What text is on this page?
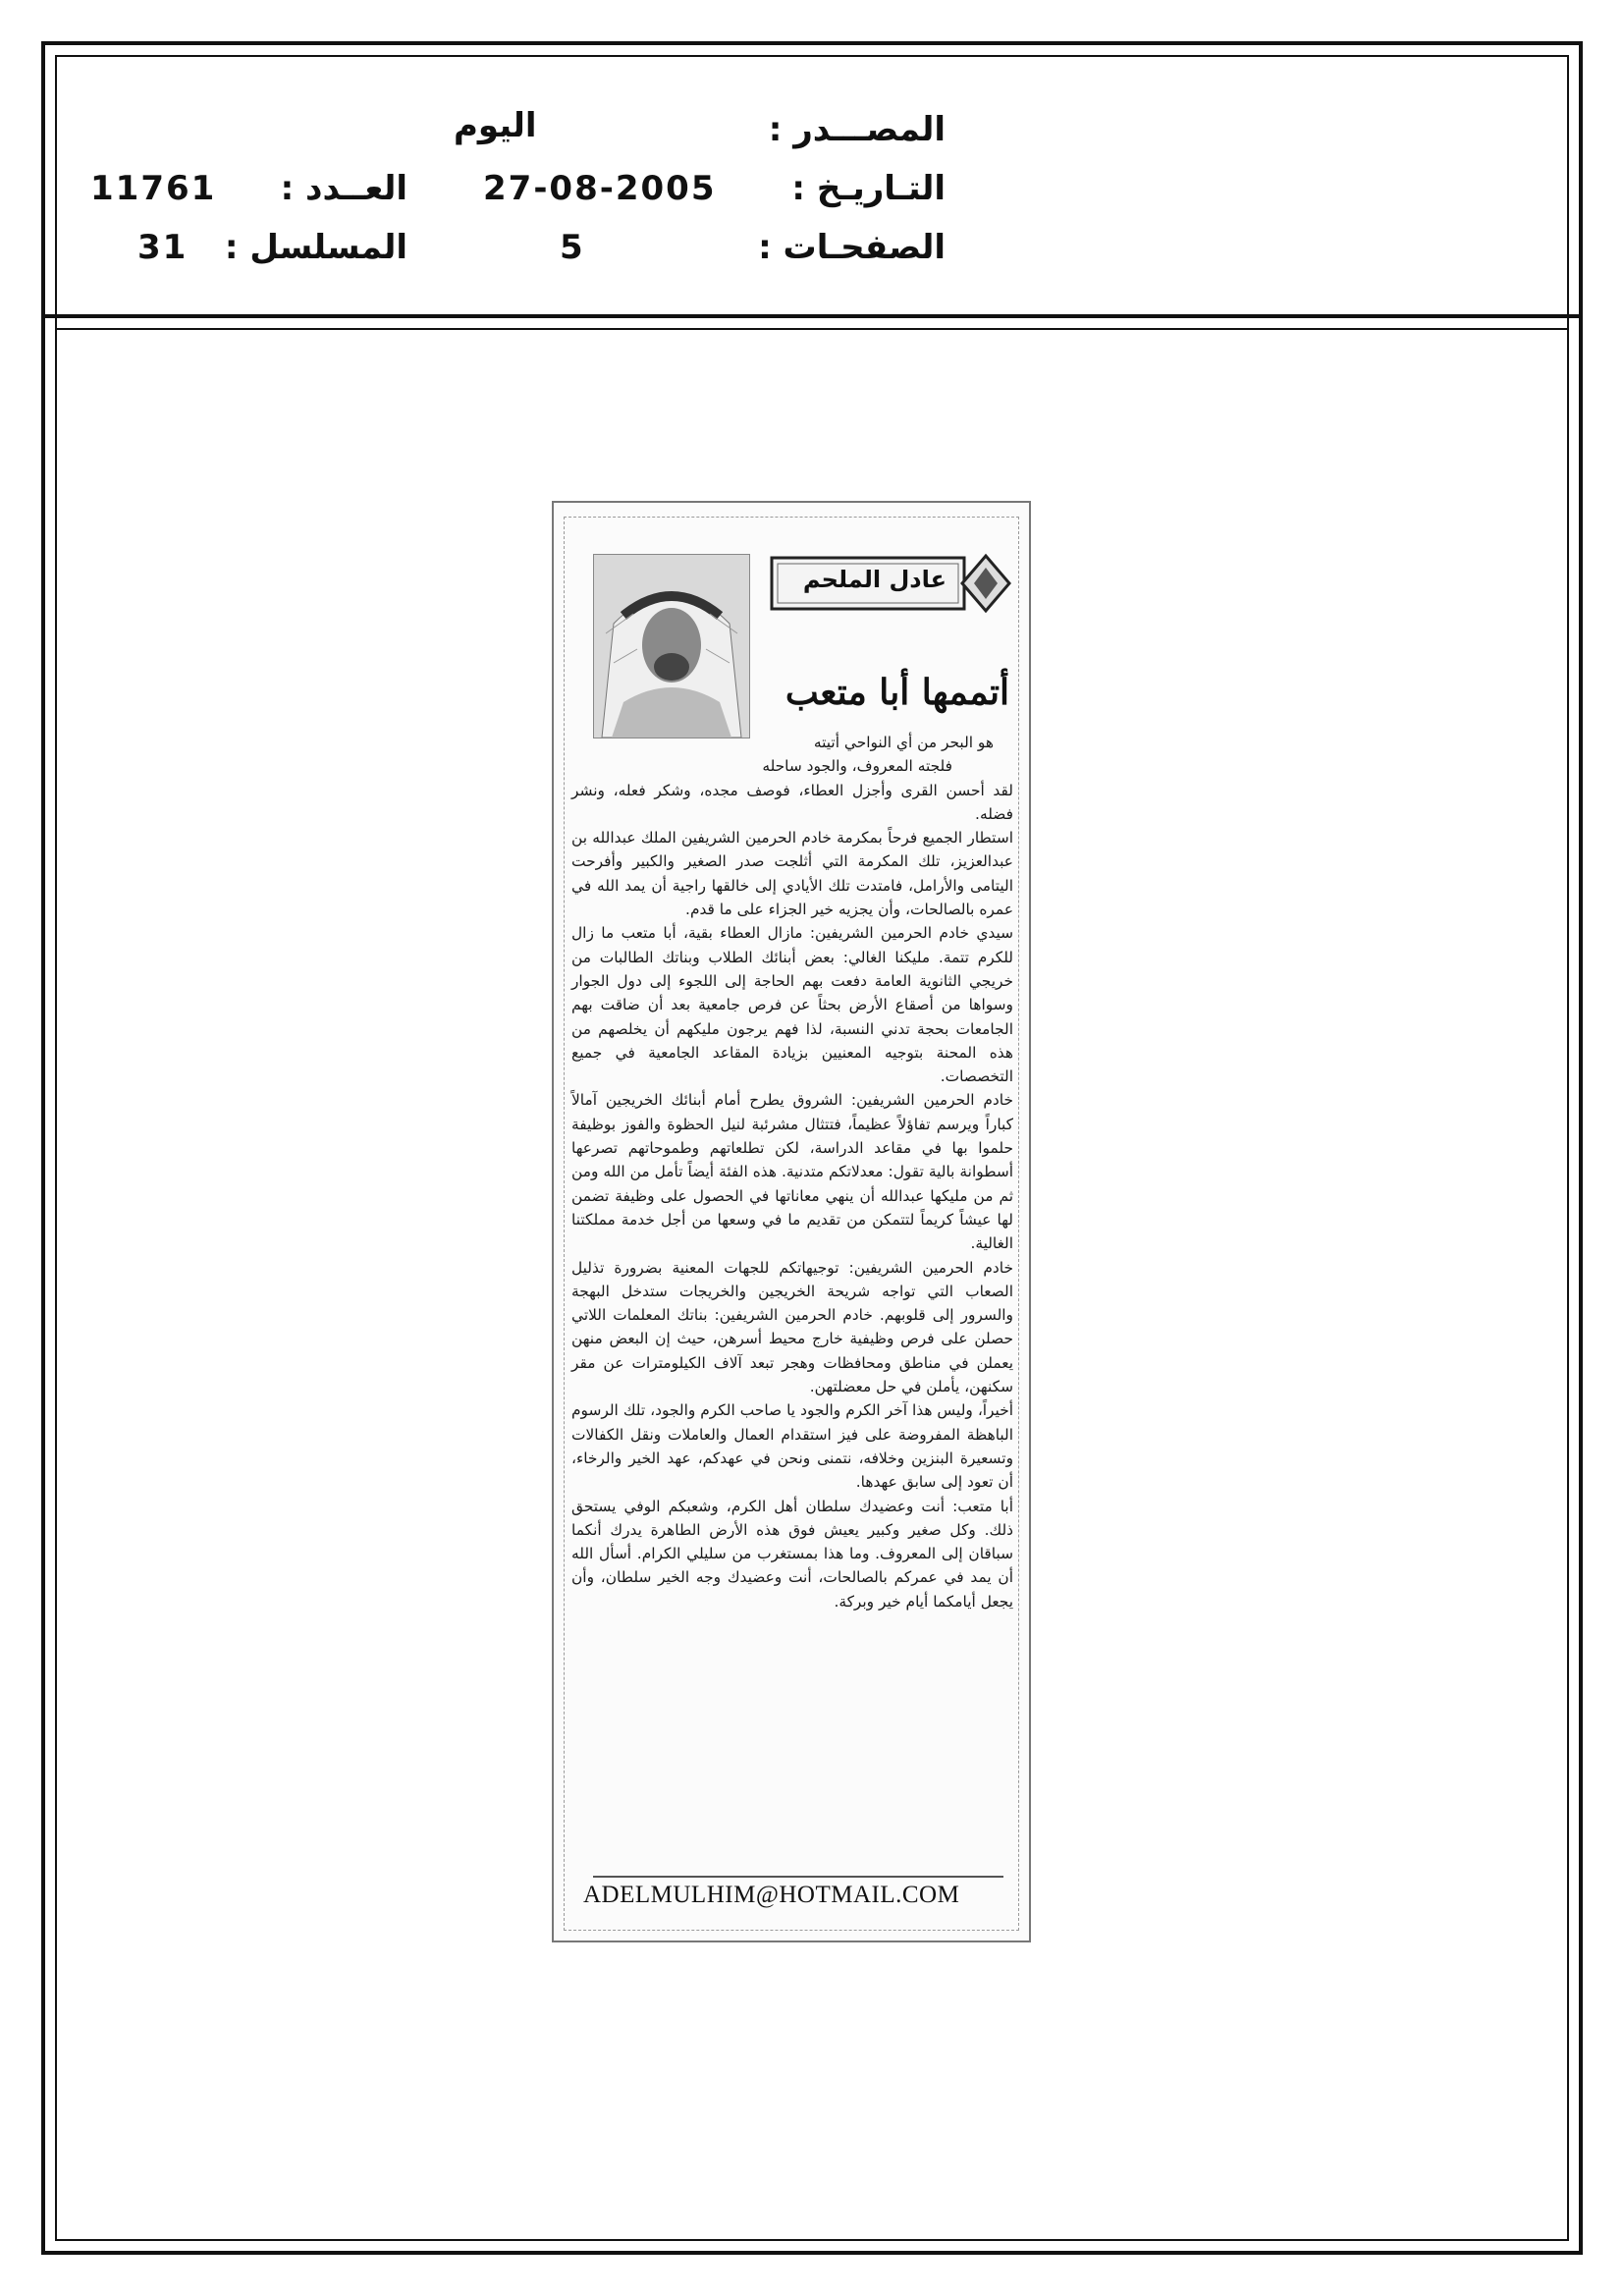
المصـــدر :
التـاريـخ :
الصفحـات :
اليوم
27-08-2005
5
العــدد :
المسلسل :
11761
31
عادل الملحم
أتممها أبا متعب

هو البحر من أي النواحي أتيته

فلجته المعروف، والجود ساحله

لقد أحسن القرى وأجزل العطاء، فوصف مجده، وشكر فعله، ونشر فضله.

استطار الجميع فرحاً بمكرمة خادم الحرمين الشريفين الملك عبدالله بن عبدالعزيز، تلك المكرمة التي أثلجت صدر الصغير والكبير وأفرحت اليتامى والأرامل، فامتدت تلك الأيادي إلى خالقها راجية أن يمد الله في عمره بالصالحات، وأن يجزيه خير الجزاء على ما قدم.

سيدي خادم الحرمين الشريفين: مازال العطاء بقية، أبا متعب ما زال للكرم تتمة. مليكنا الغالي: بعض أبنائك الطلاب وبناتك الطالبات من خريجي الثانوية العامة دفعت بهم الحاجة إلى اللجوء إلى دول الجوار وسواها من أصقاع الأرض بحثاً عن فرص جامعية بعد أن ضاقت بهم الجامعات بحجة تدني النسبة، لذا فهم يرجون مليكهم أن يخلصهم من هذه المحنة بتوجيه المعنيين بزيادة المقاعد الجامعية في جميع التخصصات.

خادم الحرمين الشريفين: الشروق يطرح أمام أبنائك الخريجين آمالاً كباراً ويرسم تفاؤلاً عظيماً، فتتثال مشرئبة لنيل الحظوة والفوز بوظيفة حلموا بها في مقاعد الدراسة، لكن تطلعاتهم وطموحاتهم تصرعها أسطوانة بالية تقول: معدلاتكم متدنية. هذه الفئة أيضاً تأمل من الله ومن ثم من مليكها عبدالله أن ينهي معاناتها في الحصول على وظيفة تضمن لها عيشاً كريماً لتتمكن من تقديم ما في وسعها من أجل خدمة مملكتنا الغالية.

خادم الحرمين الشريفين: توجيهاتكم للجهات المعنية بضرورة تذليل الصعاب التي تواجه شريحة الخريجين والخريجات ستدخل البهجة والسرور إلى قلوبهم. خادم الحرمين الشريفين: بناتك المعلمات اللاتي حصلن على فرص وظيفية خارج محيط أسرهن، حيث إن البعض منهن يعملن في مناطق ومحافظات وهجر تبعد آلاف الكيلومترات عن مقر سكنهن، يأملن في حل معضلتهن.

أخيراً، وليس هذا آخر الكرم والجود يا صاحب الكرم والجود، تلك الرسوم الباهظة المفروضة على فيز استقدام العمال والعاملات ونقل الكفالات وتسعيرة البنزين وخلافه، نتمنى ونحن في عهدكم، عهد الخير والرخاء، أن تعود إلى سابق عهدها.

أبا متعب: أنت وعضيدك سلطان أهل الكرم، وشعبكم الوفي يستحق ذلك. وكل صغير وكبير يعيش فوق هذه الأرض الطاهرة يدرك أنكما سباقان إلى المعروف. وما هذا بمستغرب من سليلي الكرام. أسأل الله أن يمد في عمركم بالصالحات، أنت وعضيدك وجه الخير سلطان، وأن يجعل أيامكما أيام خير وبركة.

ADELMULHIM@HOTMAIL.COM
